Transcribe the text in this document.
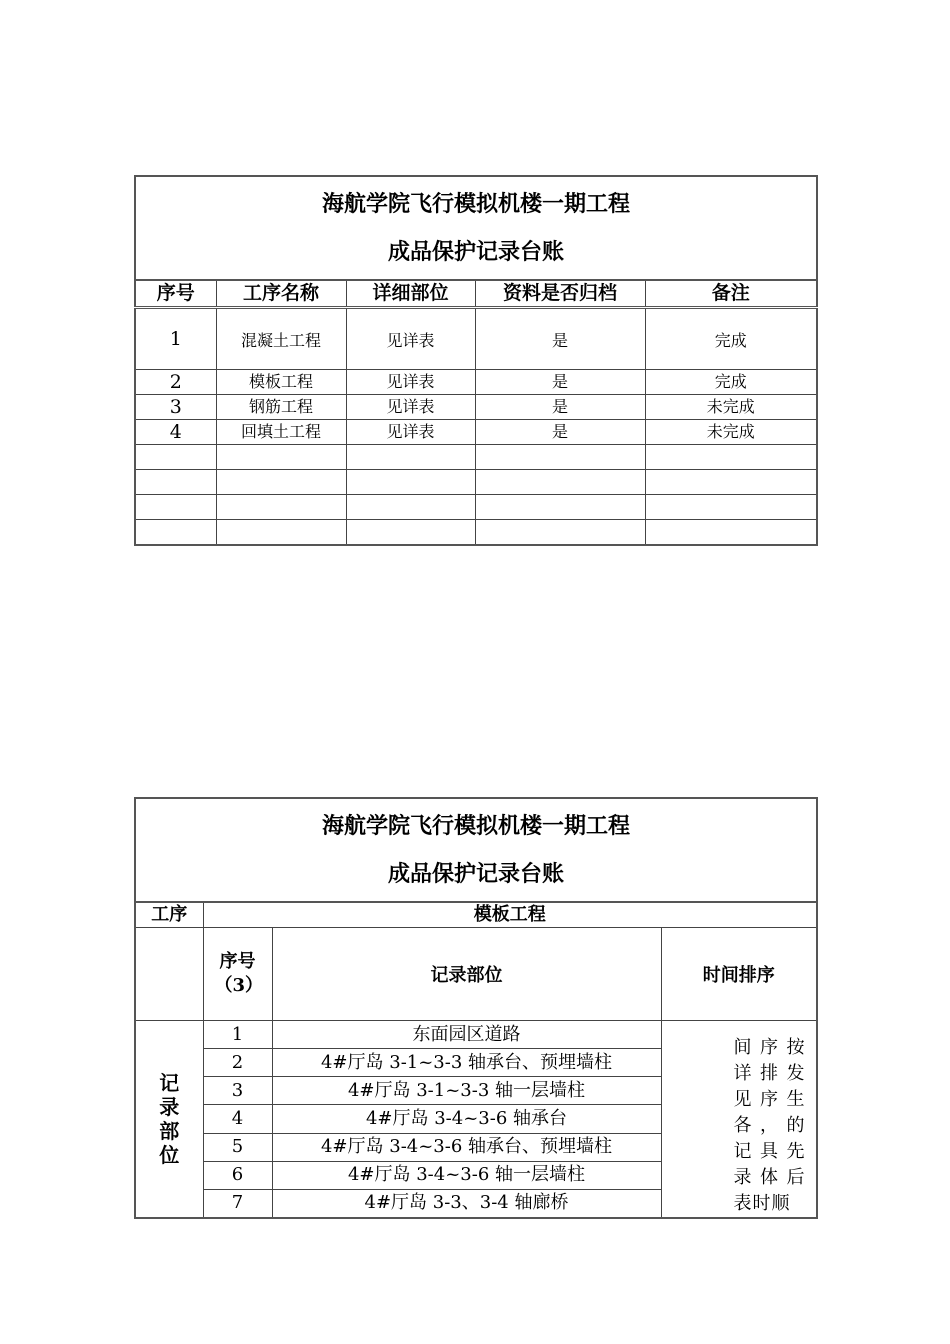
海航学院飞行模拟机楼一期工程
成品保护记录台账				

序号	工序名称	详细部位	资料是否归档	备注
1	混凝土工程	见详表	是	完成
2	模板工程	见详表	是	完成
3	钢筋工程	见详表	是	未完成
4	回填土工程	见详表	是	未完成

海航学院飞行模拟机楼一期工程
成品保护记录台账			

工序	模板工程		

	序号（3）	记录部位	时间排序

记录部位	1	东面园区道路	间序按详排发见序生各，的记具先录体后表时顺

	2	4#厅岛 3-1~3-3 轴承台、预埋墙柱	
	3	4#厅岛 3-1~3-3 轴一层墙柱	
	4	4#厅岛 3-4~3-6 轴承台	
	5	4#厅岛 3-4~3-6 轴承台、预埋墙柱	
	6	4#厅岛 3-4~3-6 轴一层墙柱	
	7	4#厅岛 3-3、3-4 轴廊桥	
